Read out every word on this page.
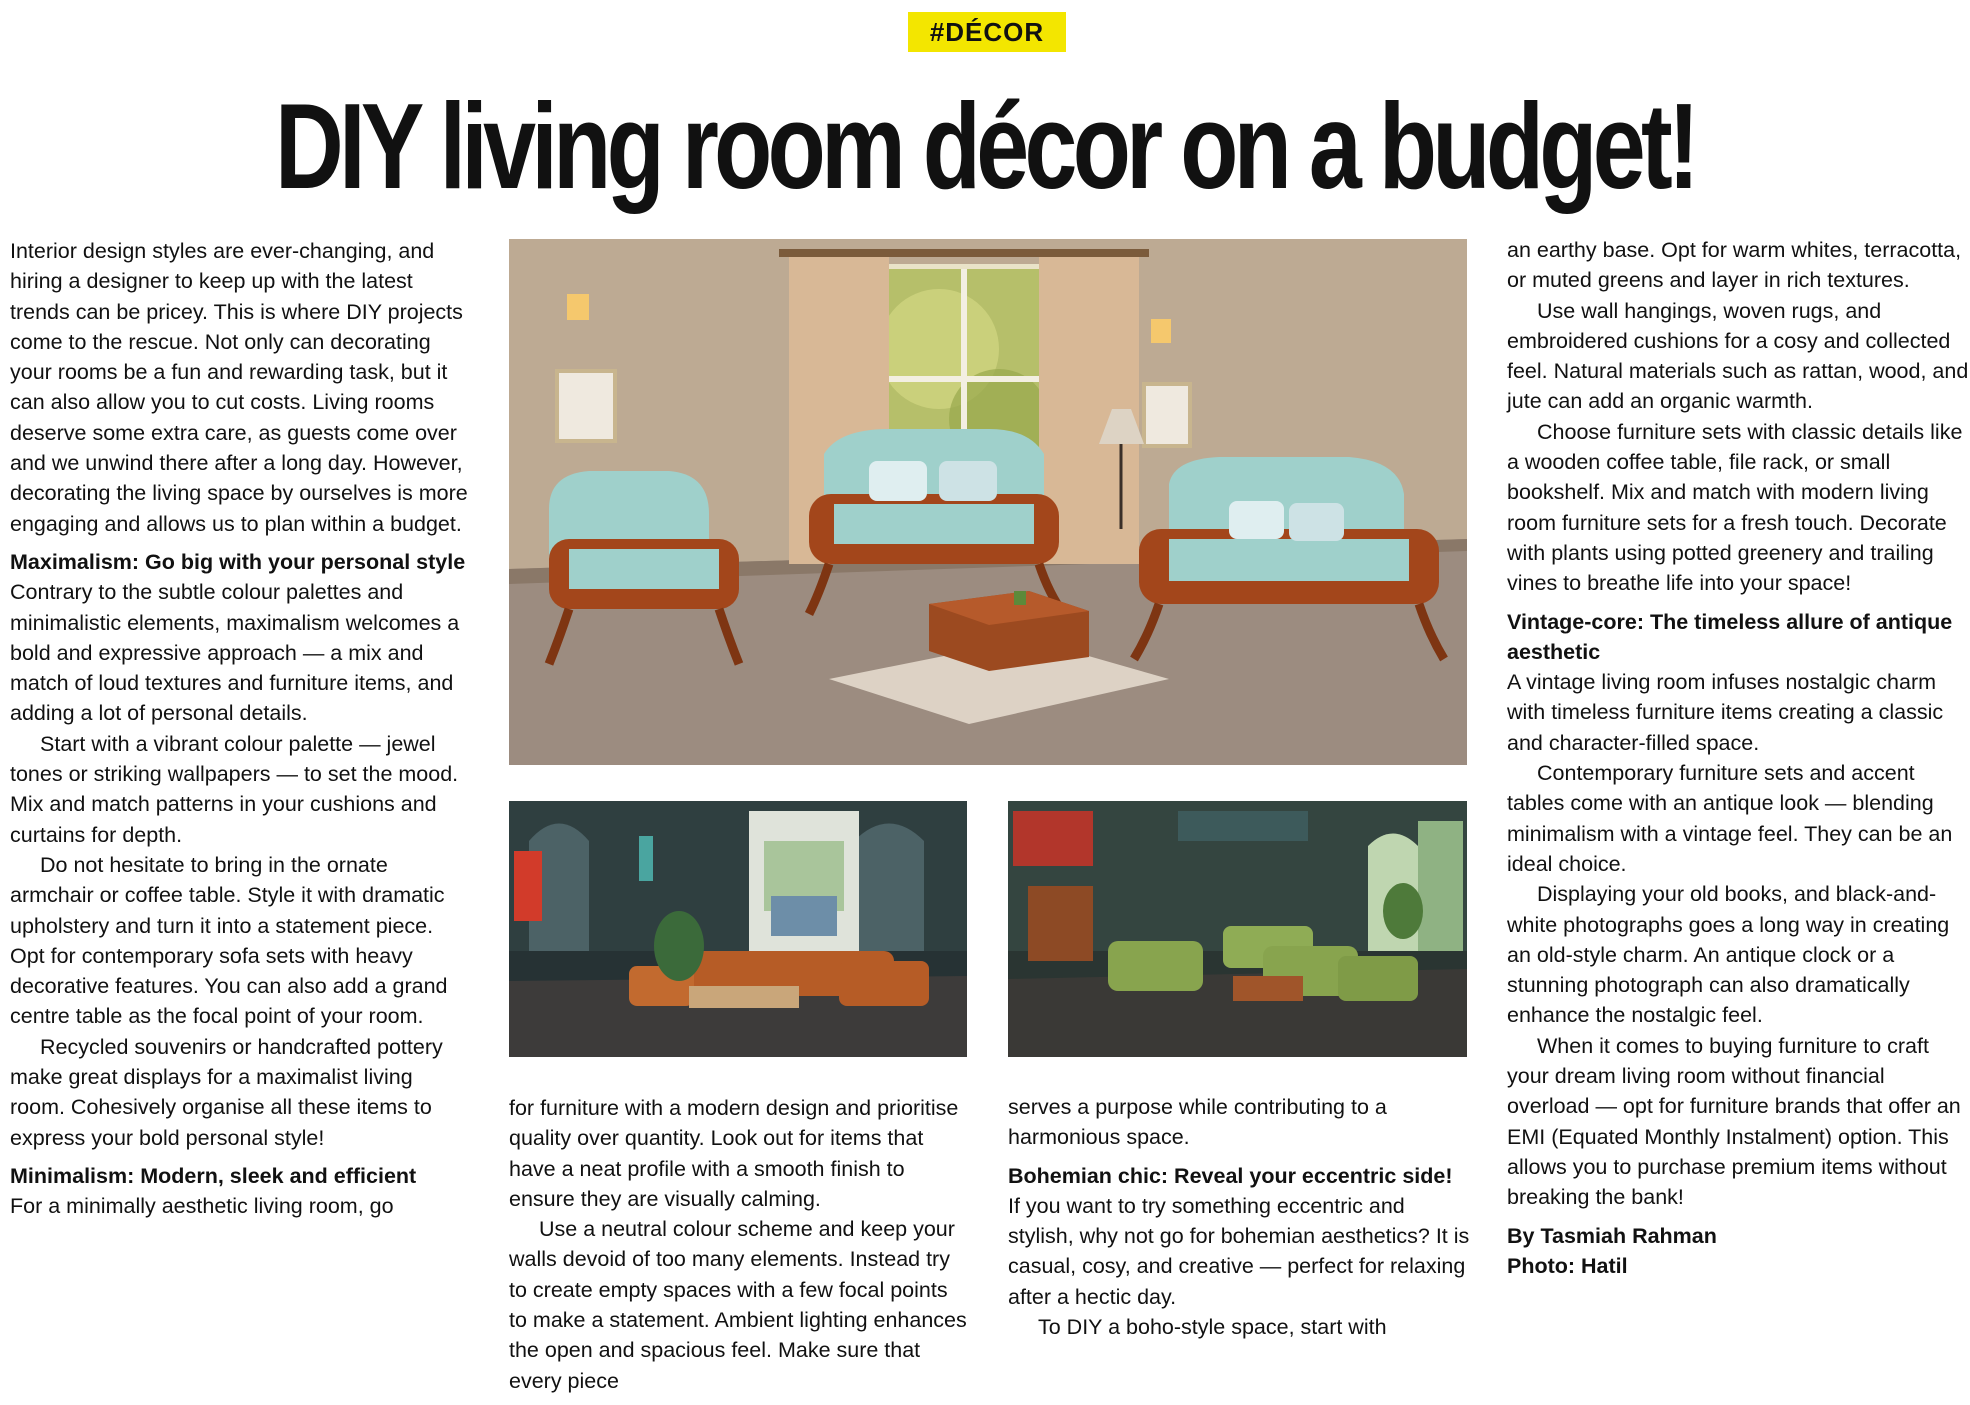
#DÉCOR
DIY living room décor on a budget!

Interior design styles are ever-changing, and hiring a designer to keep up with the latest trends can be pricey. This is where DIY projects come to the rescue. Not only can decorating your rooms be a fun and rewarding task, but it can also allow you to cut costs. Living rooms deserve some extra care, as guests come over and we unwind there after a long day. However, decorating the living space by ourselves is more engaging and allows us to plan within a budget.

Maximalism: Go big with your personal style

Contrary to the subtle colour palettes and minimalistic elements, maximalism welcomes a bold and expressive approach — a mix and match of loud textures and furniture items, and adding a lot of personal details.

Start with a vibrant colour palette — jewel tones or striking wallpapers — to set the mood. Mix and match patterns in your cushions and curtains for depth.

Do not hesitate to bring in the ornate armchair or coffee table. Style it with dramatic upholstery and turn it into a statement piece. Opt for contemporary sofa sets with heavy decorative features. You can also add a grand centre table as the focal point of your room.

Recycled souvenirs or handcrafted pottery make great displays for a maximalist living room. Cohesively organise all these items to express your bold personal style!

Minimalism: Modern, sleek and efficient

For a minimally aesthetic living room, go

for furniture with a modern design and prioritise quality over quantity. Look out for items that have a neat profile with a smooth finish to ensure they are visually calming.

Use a neutral colour scheme and keep your walls devoid of too many elements. Instead try to create empty spaces with a few focal points to make a statement. Ambient lighting enhances the open and spacious feel. Make sure that every piece

serves a purpose while contributing to a harmonious space.

Bohemian chic: Reveal your eccentric side!

If you want to try something eccentric and stylish, why not go for bohemian aesthetics? It is casual, cosy, and creative — perfect for relaxing after a hectic day.

To DIY a boho-style space, start with

an earthy base. Opt for warm whites, terracotta, or muted greens and layer in rich textures.

Use wall hangings, woven rugs, and embroidered cushions for a cosy and collected feel. Natural materials such as rattan, wood, and jute can add an organic warmth.

Choose furniture sets with classic details like a wooden coffee table, file rack, or small bookshelf. Mix and match with modern living room furniture sets for a fresh touch. Decorate with plants using potted greenery and trailing vines to breathe life into your space!

Vintage-core: The timeless allure of antique aesthetic

A vintage living room infuses nostalgic charm with timeless furniture items creating a classic and character-filled space.

Contemporary furniture sets and accent tables come with an antique look — blending minimalism with a vintage feel. They can be an ideal choice.

Displaying your old books, and black-and-white photographs goes a long way in creating an old-style charm. An antique clock or a stunning photograph can also dramatically enhance the nostalgic feel.

When it comes to buying furniture to craft your dream living room without financial overload — opt for furniture brands that offer an EMI (Equated Monthly Instalment) option. This allows you to purchase premium items without breaking the bank!

By Tasmiah Rahman
Photo: Hatil
